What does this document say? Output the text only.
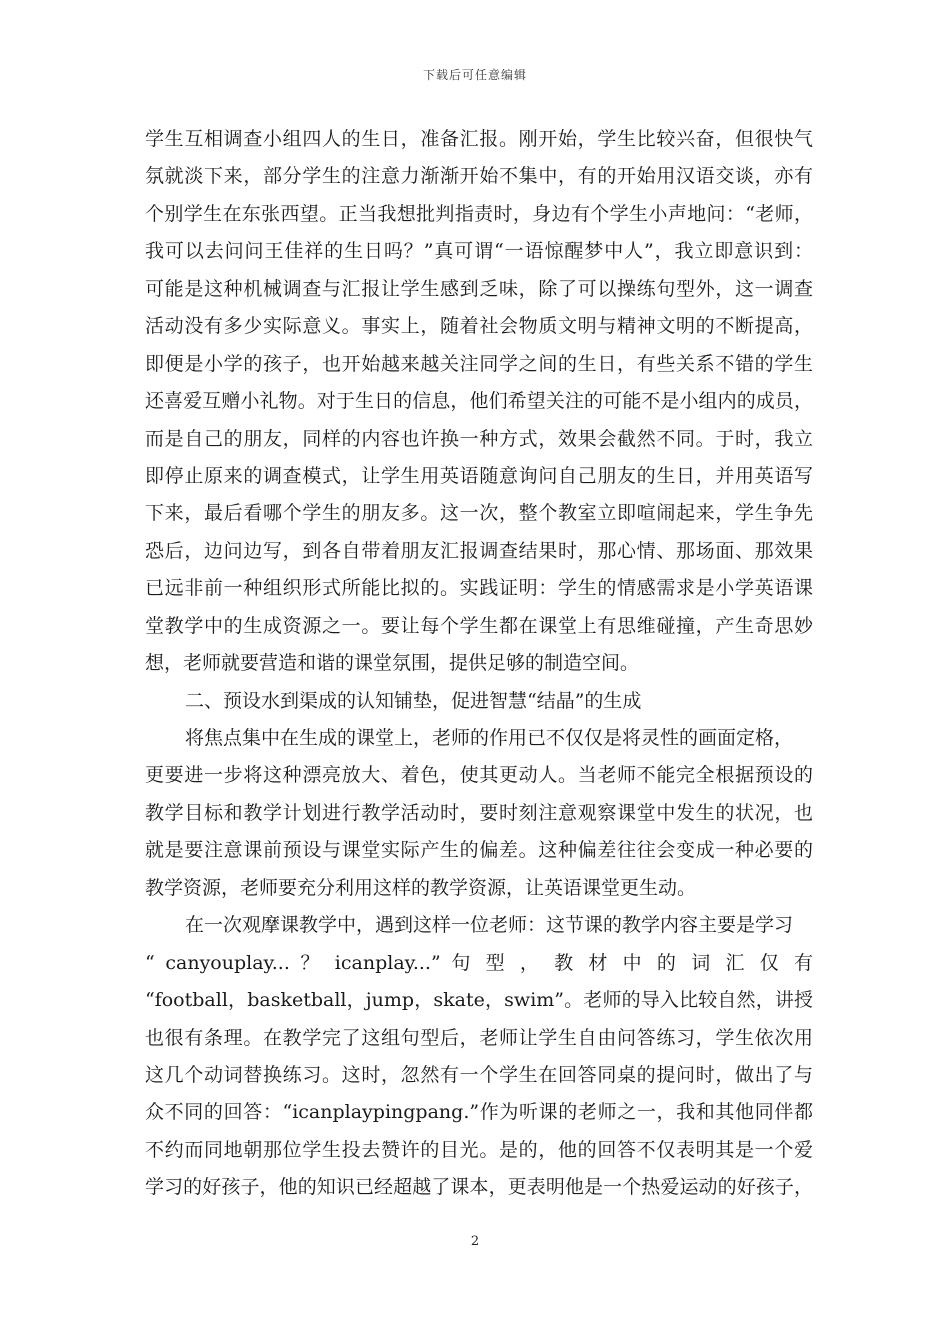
下载后可任意编辑
学生互相调查小组四人的生日，准备汇报。刚开始，学生比较兴奋，但很快气
氛就淡下来，部分学生的注意力渐渐开始不集中，有的开始用汉语交谈，亦有
个别学生在东张西望。正当我想批判指责时，身边有个学生小声地问：“老师，
我可以去问问王佳祥的生日吗？”真可谓“一语惊醒梦中人”，我立即意识到：
可能是这种机械调查与汇报让学生感到乏味，除了可以操练句型外，这一调查
活动没有多少实际意义。事实上，随着社会物质文明与精神文明的不断提高，
即便是小学的孩子，也开始越来越关注同学之间的生日，有些关系不错的学生
还喜爱互赠小礼物。对于生日的信息，他们希望关注的可能不是小组内的成员，
而是自己的朋友，同样的内容也许换一种方式，效果会截然不同。于时，我立
即停止原来的调查模式，让学生用英语随意询问自己朋友的生日，并用英语写
下来，最后看哪个学生的朋友多。这一次，整个教室立即喧闹起来，学生争先
恐后，边问边写，到各自带着朋友汇报调查结果时，那心情、那场面、那效果
已远非前一种组织形式所能比拟的。实践证明：学生的情感需求是小学英语课
堂教学中的生成资源之一。要让每个学生都在课堂上有思维碰撞，产生奇思妙
想，老师就要营造和谐的课堂氛围，提供足够的制造空间。
二、预设水到渠成的认知铺垫，促进智慧“结晶”的生成
将焦点集中在生成的课堂上，老师的作用已不仅仅是将灵性的画面定格，
更要进一步将这种漂亮放大、着色，使其更动人。当老师不能完全根据预设的
教学目标和教学计划进行教学活动时，要时刻注意观察课堂中发生的状况，也
就是要注意课前预设与课堂实际产生的偏差。这种偏差往往会变成一种必要的
教学资源，老师要充分利用这样的教学资源，让英语课堂更生动。
在一次观摩课教学中，遇到这样一位老师：这节课的教学内容主要是学习
“ canyouplay... ？ icanplay...” 句 型 ， 教 材 中 的 词 汇 仅 有
“football，basketball，jump，skate，swim”。老师的导入比较自然，讲授
也很有条理。在教学完了这组句型后，老师让学生自由问答练习，学生依次用
这几个动词替换练习。这时，忽然有一个学生在回答同桌的提问时，做出了与
众不同的回答：“icanplaypingpang.”作为听课的老师之一，我和其他同伴都
不约而同地朝那位学生投去赞许的目光。是的，他的回答不仅表明其是一个爱
学习的好孩子，他的知识已经超越了课本，更表明他是一个热爱运动的好孩子，
2
